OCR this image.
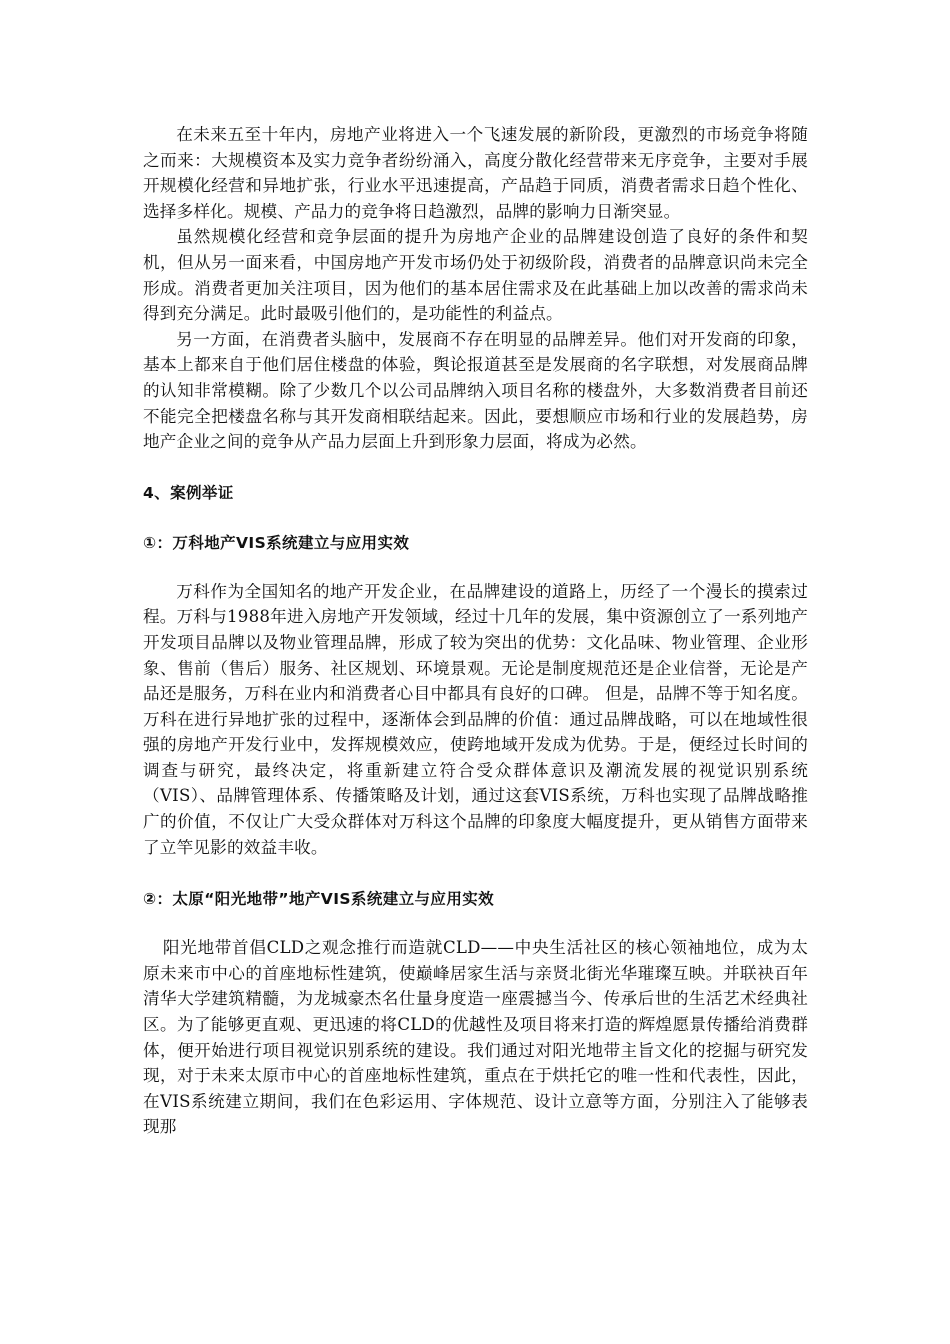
在未来五至十年内，房地产业将进入一个飞速发展的新阶段，更激烈的市场竞争将随之而来：大规模资本及实力竞争者纷纷涌入，高度分散化经营带来无序竞争，主要对手展开规模化经营和异地扩张，行业水平迅速提高，产品趋于同质，消费者需求日趋个性化、选择多样化。规模、产品力的竞争将日趋激烈，品牌的影响力日渐突显。

虽然规模化经营和竞争层面的提升为房地产企业的品牌建设创造了良好的条件和契机，但从另一面来看，中国房地产开发市场仍处于初级阶段，消费者的品牌意识尚未完全形成。消费者更加关注项目，因为他们的基本居住需求及在此基础上加以改善的需求尚未得到充分满足。此时最吸引他们的，是功能性的利益点。

另一方面，在消费者头脑中，发展商不存在明显的品牌差异。他们对开发商的印象，基本上都来自于他们居住楼盘的体验，舆论报道甚至是发展商的名字联想，对发展商品牌的认知非常模糊。除了少数几个以公司品牌纳入项目名称的楼盘外，大多数消费者目前还不能完全把楼盘名称与其开发商相联结起来。因此，要想顺应市场和行业的发展趋势，房地产企业之间的竞争从产品力层面上升到形象力层面，将成为必然。

4、案例举证
①：万科地产VIS系统建立与应用实效

万科作为全国知名的地产开发企业，在品牌建设的道路上，历经了一个漫长的摸索过程。万科与1988年进入房地产开发领域，经过十几年的发展，集中资源创立了一系列地产开发项目品牌以及物业管理品牌，形成了较为突出的优势：文化品味、物业管理、企业形象、售前（售后）服务、社区规划、环境景观。无论是制度规范还是企业信誉，无论是产品还是服务，万科在业内和消费者心目中都具有良好的口碑。 但是，品牌不等于知名度。万科在进行异地扩张的过程中，逐渐体会到品牌的价值：通过品牌战略，可以在地域性很强的房地产开发行业中，发挥规模效应，使跨地域开发成为优势。于是，便经过长时间的调查与研究，最终决定，将重新建立符合受众群体意识及潮流发展的视觉识别系统（VIS）、品牌管理体系、传播策略及计划，通过这套VIS系统，万科也实现了品牌战略推广的价值，不仅让广大受众群体对万科这个品牌的印象度大幅度提升，更从销售方面带来了立竿见影的效益丰收。

②：太原“阳光地带”地产VIS系统建立与应用实效

阳光地带首倡CLD之观念推行而造就CLD——中央生活社区的核心领袖地位，成为太原未来市中心的首座地标性建筑，使巅峰居家生活与亲贤北街光华璀璨互映。并联袂百年清华大学建筑精髓，为龙城豪杰名仕量身度造一座震撼当今、传承后世的生活艺术经典社区。为了能够更直观、更迅速的将CLD的优越性及项目将来打造的辉煌愿景传播给消费群体，便开始进行项目视觉识别系统的建设。我们通过对阳光地带主旨文化的挖掘与研究发现，对于未来太原市中心的首座地标性建筑，重点在于烘托它的唯一性和代表性，因此，在VIS系统建立期间，我们在色彩运用、字体规范、设计立意等方面，分别注入了能够表现那
